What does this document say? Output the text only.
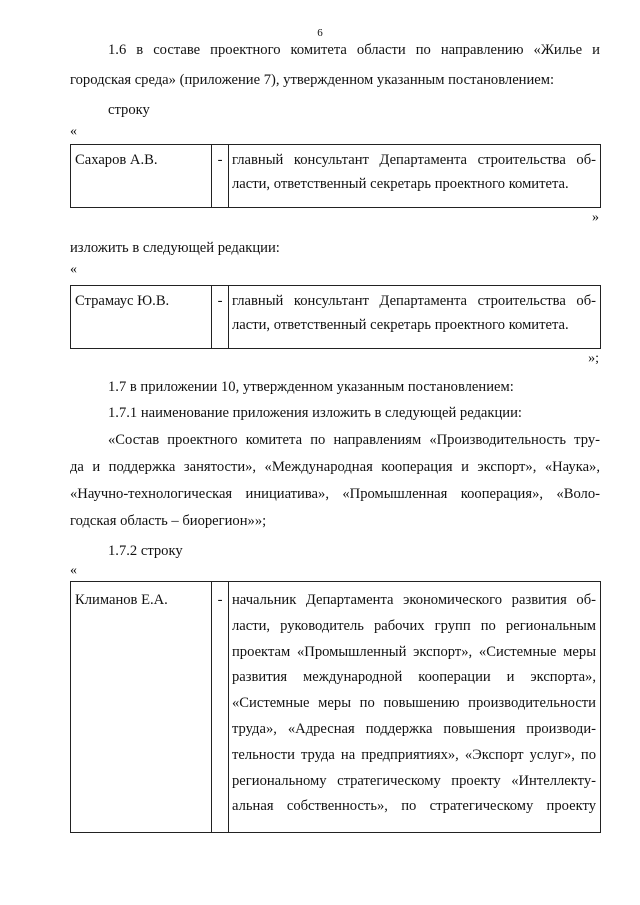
6
1.6 в составе проектного комитета области по направлению «Жилье и
городская среда» (приложение 7), утвержденном указанным постановлением:
строку
«
Сахаров А.В.	- главный консультант Департамента строительства об-
ласти, ответственный секретарь проектного комитета.
»
изложить в следующей редакции:
«
Страмаус Ю.В.	- главный консультант Департамента строительства об-
ласти, ответственный секретарь проектного комитета.
»;
1.7 в приложении 10, утвержденном указанным постановлением:
1.7.1 наименование приложения изложить в следующей редакции:
«Состав проектного комитета по направлениям «Производительность тру-
да и поддержка занятости», «Международная кооперация и экспорт», «Наука»,
«Научно-технологическая инициатива», «Промышленная кооперация», «Воло-
годская область – биорегион»»;
1.7.2 строку
«
Климанов Е.А.	- начальник Департамента экономического развития об-
ласти, руководитель рабочих групп по региональным
проектам «Промышленный экспорт», «Системные меры
развития международной кооперации и экспорта»,
«Системные меры по повышению производительности
труда», «Адресная поддержка повышения производи-
тельности труда на предприятиях», «Экспорт услуг», по
региональному стратегическому проекту «Интеллекту-
альная собственность», по стратегическому проекту
